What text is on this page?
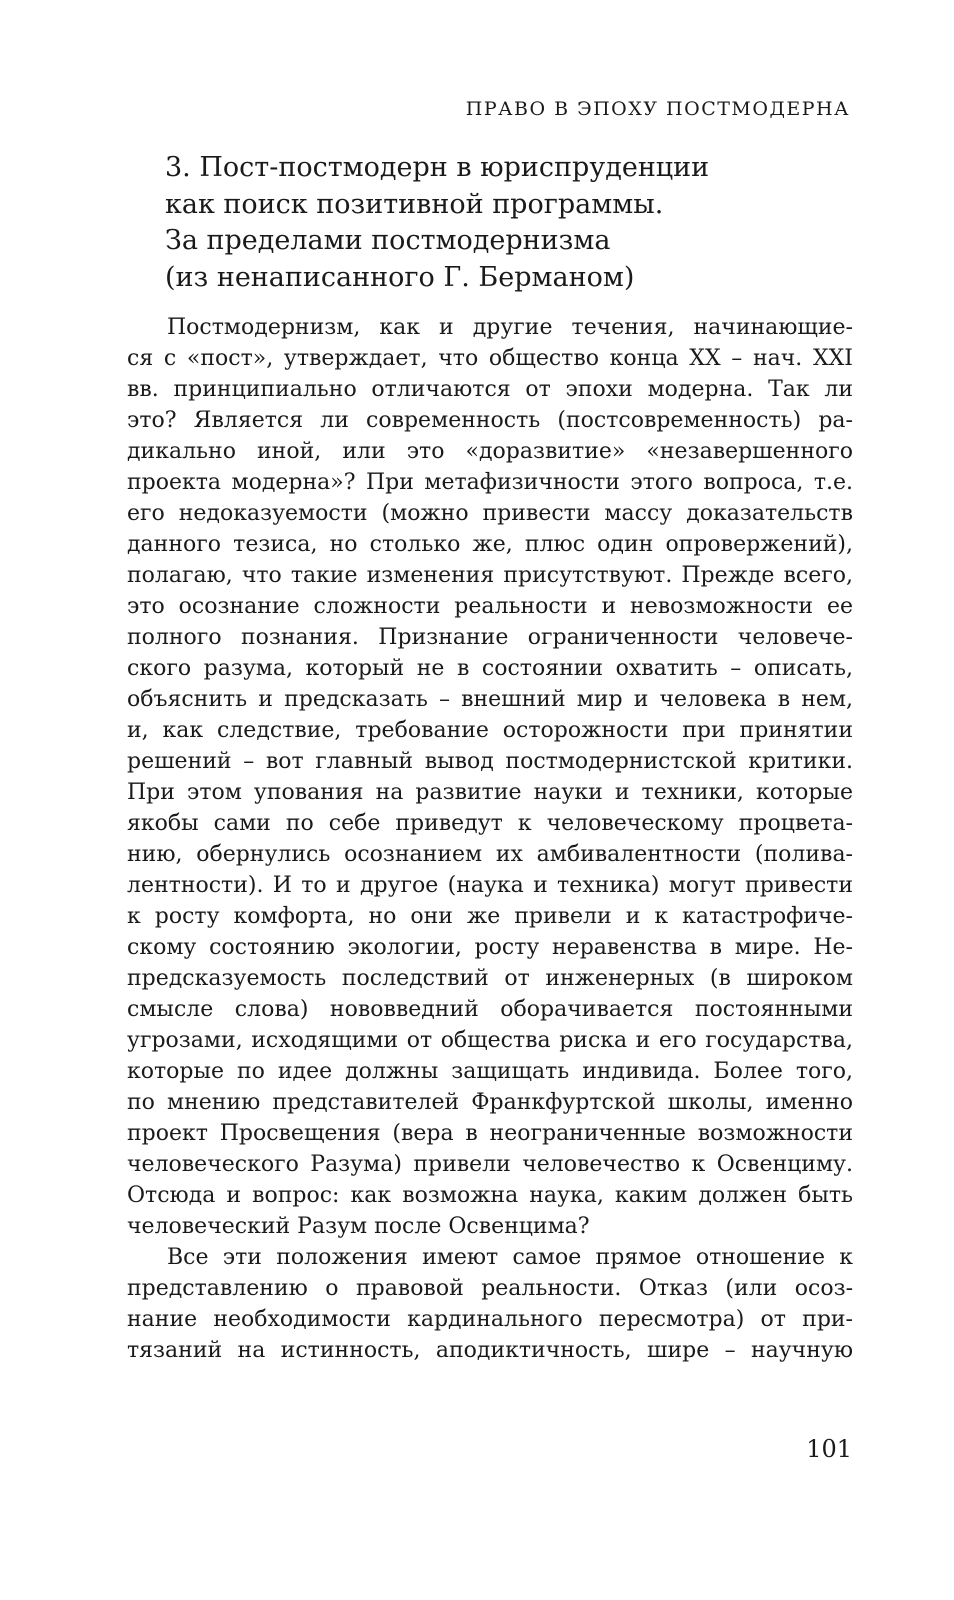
ПРАВО В ЭПОХУ ПОСТМОДЕРНА
3. Пост-постмодерн в юриспруденции
как поиск позитивной программы.
За пределами постмодернизма
(из ненаписанного Г. Берманом)

Постмодернизм, как и другие течения, начинающие-
ся с «пост», утверждает, что общество конца XX – нач. XXI
вв. принципиально отличаются от эпохи модерна. Так ли
это? Является ли современность (постсовременность) ра-
дикально иной, или это «доразвитие» «незавершенного
проекта модерна»? При метафизичности этого вопроса, т.е.
его недоказуемости (можно привести массу доказательств
данного тезиса, но столько же, плюс один опровержений),
полагаю, что такие изменения присутствуют. Прежде всего,
это осознание сложности реальности и невозможности ее
полного познания. Признание ограниченности человече-
ского разума, который не в состоянии охватить – описать,
объяснить и предсказать – внешний мир и человека в нем,
и, как следствие, требование осторожности при принятии
решений – вот главный вывод постмодернистской критики.
При этом упования на развитие науки и техники, которые
якобы сами по себе приведут к человеческому процвета-
нию, обернулись осознанием их амбивалентности (полива-
лентности). И то и другое (наука и техника) могут привести
к росту комфорта, но они же привели и к катастрофиче-
скому состоянию экологии, росту неравенства в мире. Не-
предсказуемость последствий от инженерных (в широком
смысле слова) нововведний оборачивается постоянными
угрозами, исходящими от общества риска и его государства,
которые по идее должны защищать индивида. Более того,
по мнению представителей Франкфуртской школы, именно
проект Просвещения (вера в неограниченные возможности
человеческого Разума) привели человечество к Освенциму.
Отсюда и вопрос: как возможна наука, каким должен быть
человеческий Разум после Освенцима?

Все эти положения имеют самое прямое отношение к
представлению о правовой реальности. Отказ (или осоз-
нание необходимости кардинального пересмотра) от при-
тязаний на истинность, аподиктичность, шире – научную

101
